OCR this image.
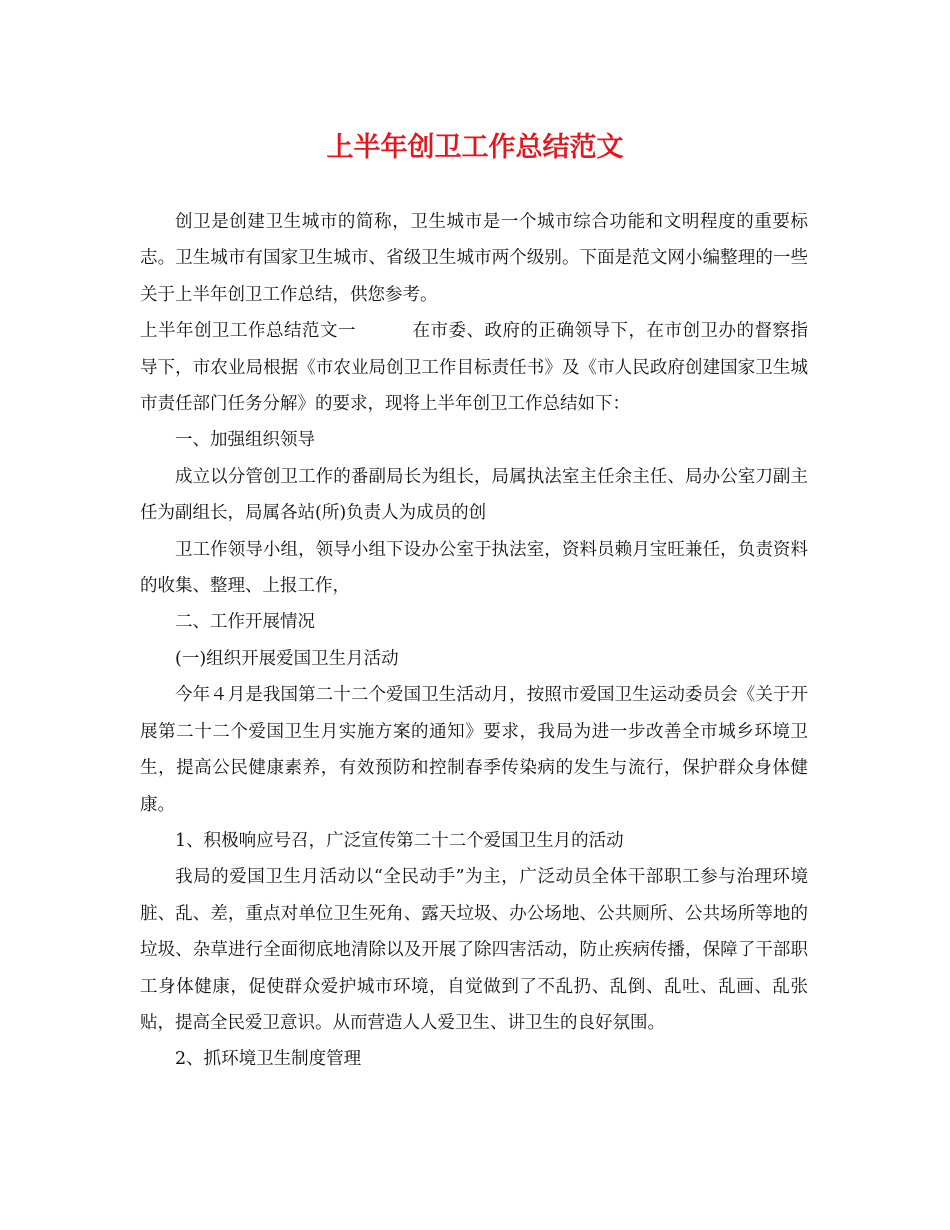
上半年创卫工作总结范文

创卫是创建卫生城市的简称，卫生城市是一个城市综合功能和文明程度的重要标志。卫生城市有国家卫生城市、省级卫生城市两个级别。下面是范文网小编整理的一些关于上半年创卫工作总结，供您参考。

上半年创卫工作总结范文一	在市委、政府的正确领导下，在市创卫办的督察指导下，市农业局根据《市农业局创卫工作目标责任书》及《市人民政府创建国家卫生城市责任部门任务分解》的要求，现将上半年创卫工作总结如下：

一、加强组织领导

成立以分管创卫工作的番副局长为组长，局属执法室主任余主任、局办公室刀副主任为副组长，局属各站(所)负责人为成员的创

卫工作领导小组，领导小组下设办公室于执法室，资料员赖月宝旺兼任，负责资料的收集、整理、上报工作，

二、工作开展情况

(一)组织开展爱国卫生月活动

今年４月是我国第二十二个爱国卫生活动月，按照市爱国卫生运动委员会《关于开展第二十二个爱国卫生月实施方案的通知》要求，我局为进一步改善全市城乡环境卫生，提高公民健康素养，有效预防和控制春季传染病的发生与流行，保护群众身体健康。

1、积极响应号召，广泛宣传第二十二个爱国卫生月的活动

我局的爱国卫生月活动以“全民动手”为主，广泛动员全体干部职工参与治理环境脏、乱、差，重点对单位卫生死角、露天垃圾、办公场地、公共厕所、公共场所等地的垃圾、杂草进行全面彻底地清除以及开展了除四害活动，防止疾病传播，保障了干部职工身体健康，促使群众爱护城市环境，自觉做到了不乱扔、乱倒、乱吐、乱画、乱张贴，提高全民爱卫意识。从而营造人人爱卫生、讲卫生的良好氛围。

2、抓环境卫生制度管理
